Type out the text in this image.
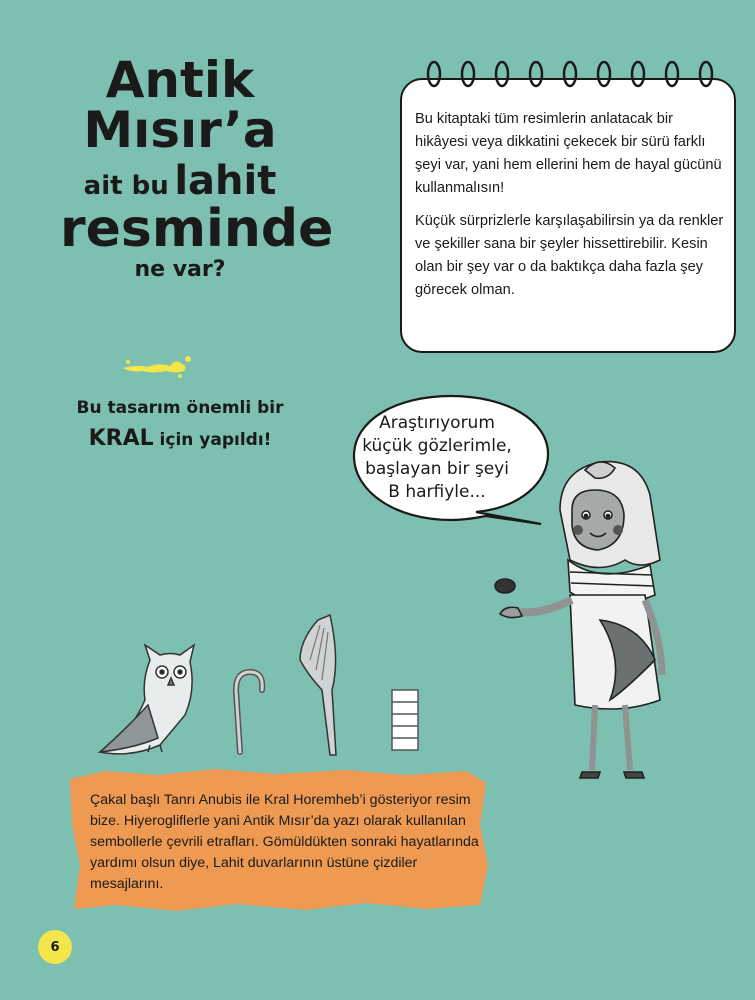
Antik
Mısır’a
ait bu lahit
resminde
ne var?
Bu tasarım önemli bir
KRAL için yapıldı!

Bu kitaptaki tüm resimlerin anlatacak bir hikâyesi veya dikkatini çekecek bir sürü farklı şeyi var, yani hem ellerini hem de hayal gücünü kullanmalısın!

Küçük sürprizlerle karşılaşabilirsin ya da renkler ve şekiller sana bir şeyler hissettirebilir. Kesin olan bir şey var o da baktıkça daha fazla şey görecek olman.

Araştırıyorum
küçük gözlerimle,
başlayan bir şeyi
B harfiyle...
Çakal başlı Tanrı Anubis ile Kral Horemheb’i gösteriyor resim bize. Hiyerogliflerle yani Antik Mısır’da yazı olarak kullanılan sembollerle çevrili etrafları. Gömüldükten sonraki hayatlarında yardımı olsun diye, Lahit duvarlarının üstüne çizdiler mesajlarını.
6
